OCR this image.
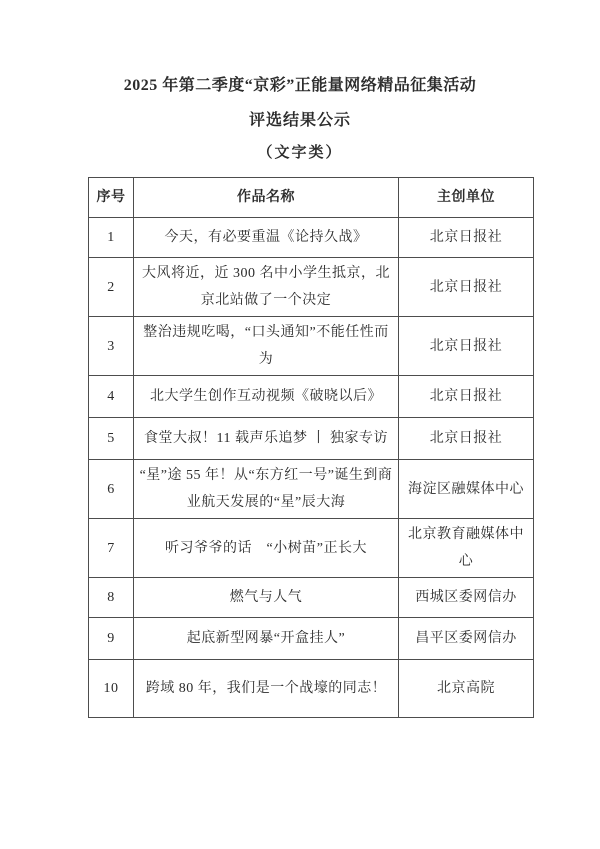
2025 年第二季度“京彩”正能量网络精品征集活动
评选结果公示
（文字类）
序号	作品名称	主创单位
1	今天，有必要重温《论持久战》	北京日报社
2	大风将近，近 300 名中小学生抵京，北京北站做了一个决定	北京日报社
3	整治违规吃喝，“口头通知”不能任性而为	北京日报社
4	北大学生创作互动视频《破晓以后》	北京日报社
5	食堂大叔！11 载声乐追梦 丨 独家专访	北京日报社
6	“星”途 55 年！从“东方红一号”诞生到商业航天发展的“星”辰大海	海淀区融媒体中心
7	听习爷爷的话　“小树苗”正长大	北京教育融媒体中心
8	燃气与人气	西城区委网信办
9	起底新型网暴“开盒挂人”	昌平区委网信办
10	跨域 80 年，我们是一个战壕的同志！	北京高院
